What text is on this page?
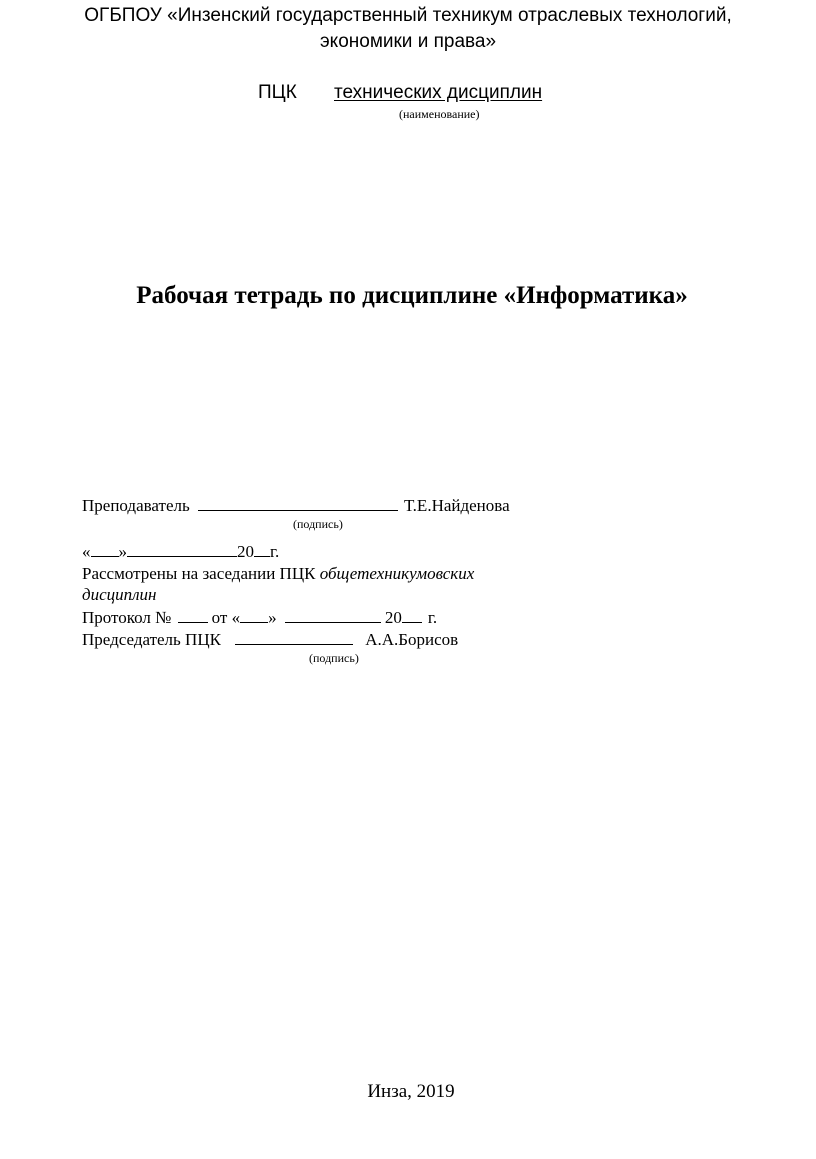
ОГБПОУ «Инзенский государственный техникум отраслевых технологий,
экономики и права»
ПЦК технических дисциплин
(наименование)
Рабочая тетрадь по дисциплине «Информатика»
Преподаватель	Т.Е.Найденова
(подпись)
« »	20 г.
Рассмотрены на заседании ПЦК общетехникумовских
дисциплин
Протокол № от « »	20 г.
Председатель ПЦК	А.А.Борисов
(подпись)
Инза, 2019
